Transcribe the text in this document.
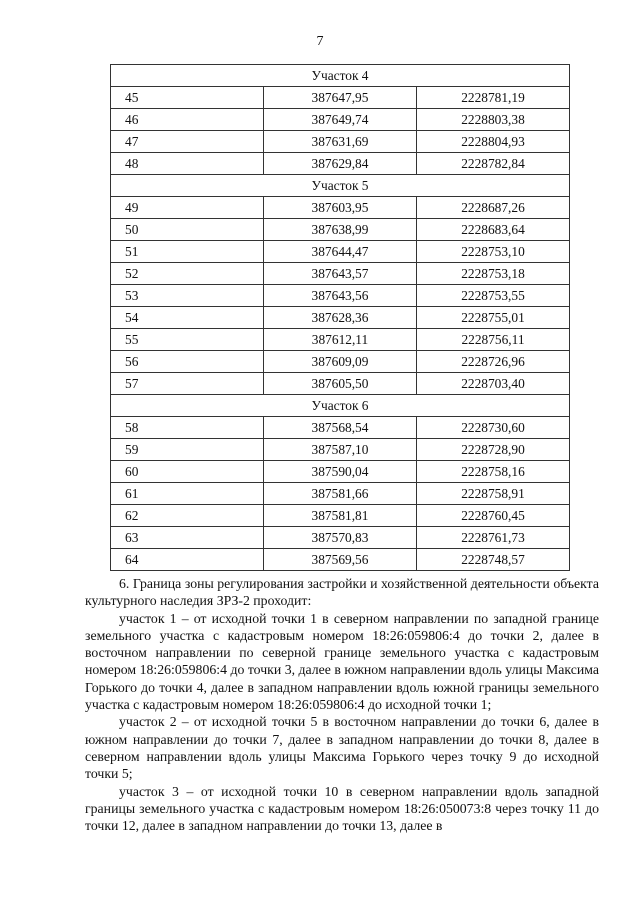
7
Участок 4		
45	387647,95	2228781,19
46	387649,74	2228803,38
47	387631,69	2228804,93
48	387629,84	2228782,84
Участок 5		
49	387603,95	2228687,26
50	387638,99	2228683,64
51	387644,47	2228753,10
52	387643,57	2228753,18
53	387643,56	2228753,55
54	387628,36	2228755,01
55	387612,11	2228756,11
56	387609,09	2228726,96
57	387605,50	2228703,40
Участок 6		
58	387568,54	2228730,60
59	387587,10	2228728,90
60	387590,04	2228758,16
61	387581,66	2228758,91
62	387581,81	2228760,45
63	387570,83	2228761,73
64	387569,56	2228748,57

6. Граница зоны регулирования застройки и хозяйственной деятельности объекта культурного наследия ЗРЗ-2 проходит:

участок 1 – от исходной точки 1 в северном направлении по западной границе земельного участка с кадастровым номером 18:26:059806:4 до точки 2, далее в восточном направлении по северной границе земельного участка с кадастровым номером 18:26:059806:4 до точки 3, далее в южном направлении вдоль улицы Максима Горького до точки 4, далее в западном направлении вдоль южной границы земельного участка с кадастровым номером 18:26:059806:4 до исходной точки 1;

участок 2 – от исходной точки 5 в восточном направлении до точки 6, далее в южном направлении до точки 7, далее в западном направлении до точки 8, далее в северном направлении вдоль улицы Максима Горького через точку 9 до исходной точки 5;

участок 3 – от исходной точки 10 в северном направлении вдоль западной границы земельного участка с кадастровым номером 18:26:050073:8 через точку 11 до точки 12, далее в западном направлении до точки 13, далее в
